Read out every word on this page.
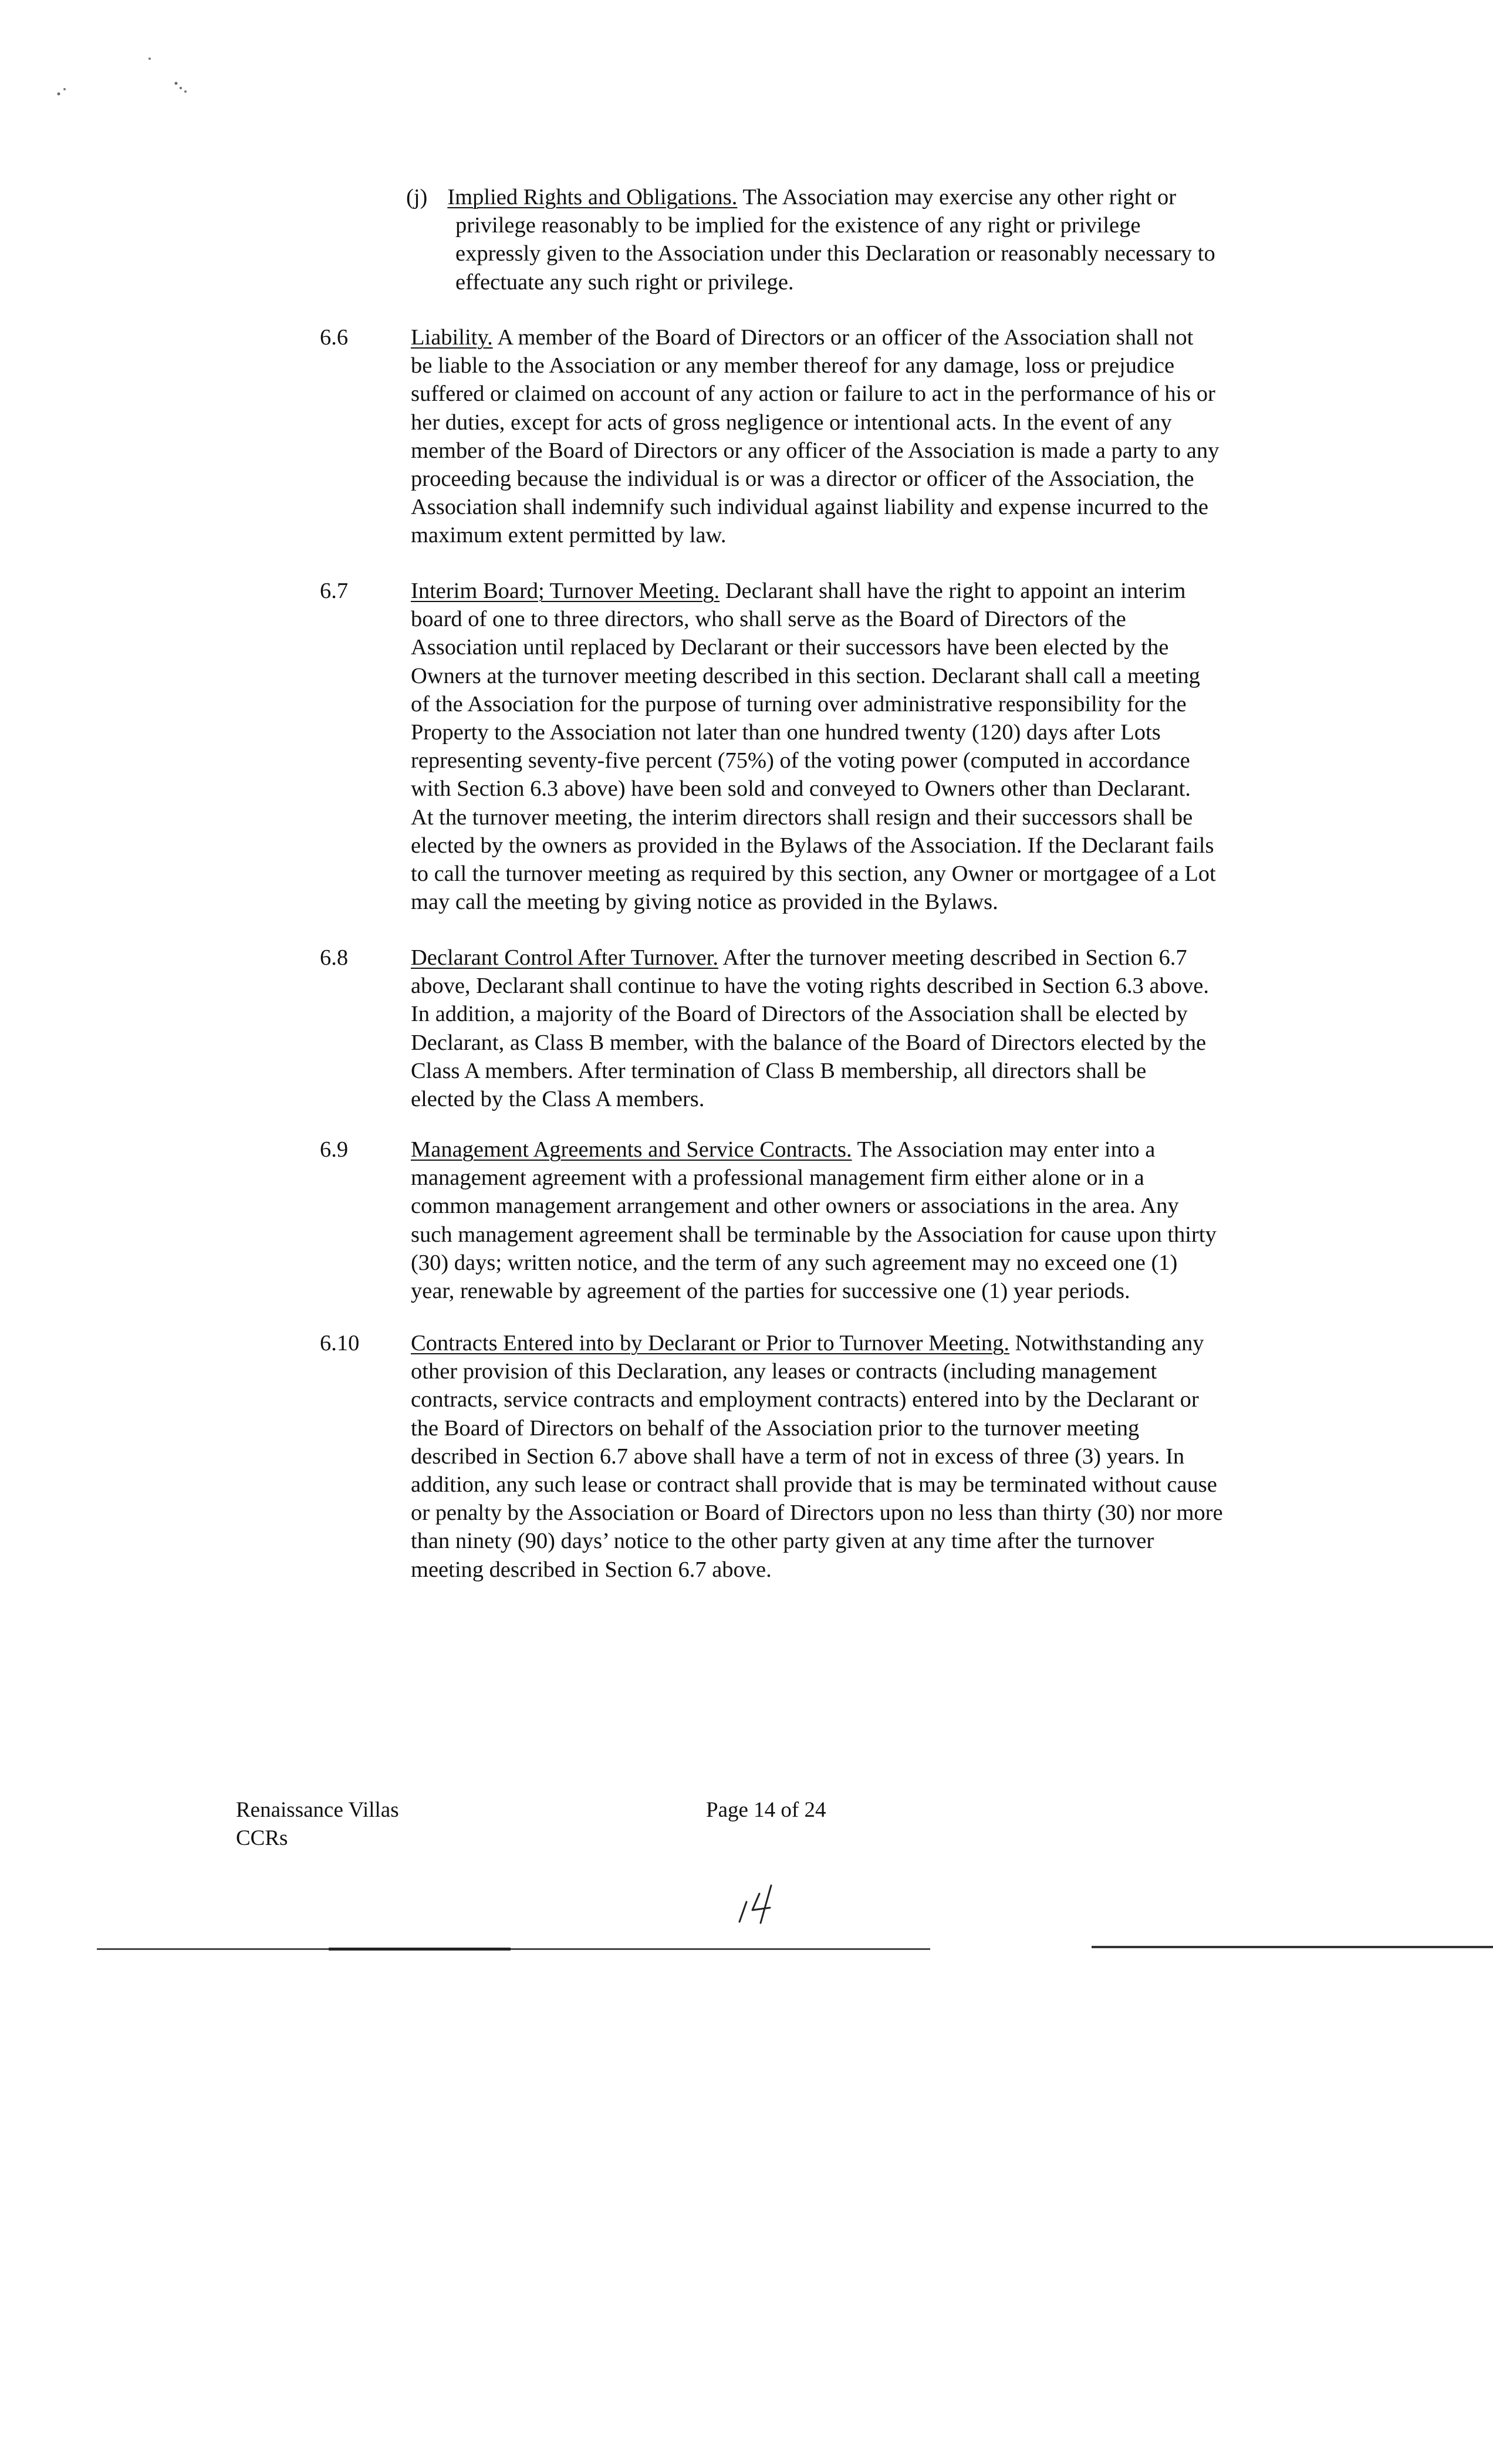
(j) Implied Rights and Obligations. The Association may exercise any other right or
privilege reasonably to be implied for the existence of any right or privilege
expressly given to the Association under this Declaration or reasonably necessary to
effectuate any such right or privilege.
6.6	Liability. A member of the Board of Directors or an officer of the Association shall not
be liable to the Association or any member thereof for any damage, loss or prejudice
suffered or claimed on account of any action or failure to act in the performance of his or
her duties, except for acts of gross negligence or intentional acts. In the event of any
member of the Board of Directors or any officer of the Association is made a party to any
proceeding because the individual is or was a director or officer of the Association, the
Association shall indemnify such individual against liability and expense incurred to the
maximum extent permitted by law.
6.7	Interim Board; Turnover Meeting. Declarant shall have the right to appoint an interim
board of one to three directors, who shall serve as the Board of Directors of the
Association until replaced by Declarant or their successors have been elected by the
Owners at the turnover meeting described in this section. Declarant shall call a meeting
of the Association for the purpose of turning over administrative responsibility for the
Property to the Association not later than one hundred twenty (120) days after Lots
representing seventy-five percent (75%) of the voting power (computed in accordance
with Section 6.3 above) have been sold and conveyed to Owners other than Declarant.
At the turnover meeting, the interim directors shall resign and their successors shall be
elected by the owners as provided in the Bylaws of the Association. If the Declarant fails
to call the turnover meeting as required by this section, any Owner or mortgagee of a Lot
may call the meeting by giving notice as provided in the Bylaws.
6.8	Declarant Control After Turnover. After the turnover meeting described in Section 6.7
above, Declarant shall continue to have the voting rights described in Section 6.3 above.
In addition, a majority of the Board of Directors of the Association shall be elected by
Declarant, as Class B member, with the balance of the Board of Directors elected by the
Class A members. After termination of Class B membership, all directors shall be
elected by the Class A members.
6.9	Management Agreements and Service Contracts. The Association may enter into a
management agreement with a professional management firm either alone or in a
common management arrangement and other owners or associations in the area. Any
such management agreement shall be terminable by the Association for cause upon thirty
(30) days; written notice, and the term of any such agreement may no exceed one (1)
year, renewable by agreement of the parties for successive one (1) year periods.
6.10 Contracts Entered into by Declarant or Prior to Turnover Meeting. Notwithstanding any
other provision of this Declaration, any leases or contracts (including management
contracts, service contracts and employment contracts) entered into by the Declarant or
the Board of Directors on behalf of the Association prior to the turnover meeting
described in Section 6.7 above shall have a term of not in excess of three (3) years. In
addition, any such lease or contract shall provide that is may be terminated without cause
or penalty by the Association or Board of Directors upon no less than thirty (30) nor more
than ninety (90) days’ notice to the other party given at any time after the turnover
meeting described in Section 6.7 above.
Renaissance Villas
CCRs
Page 14 of 24
